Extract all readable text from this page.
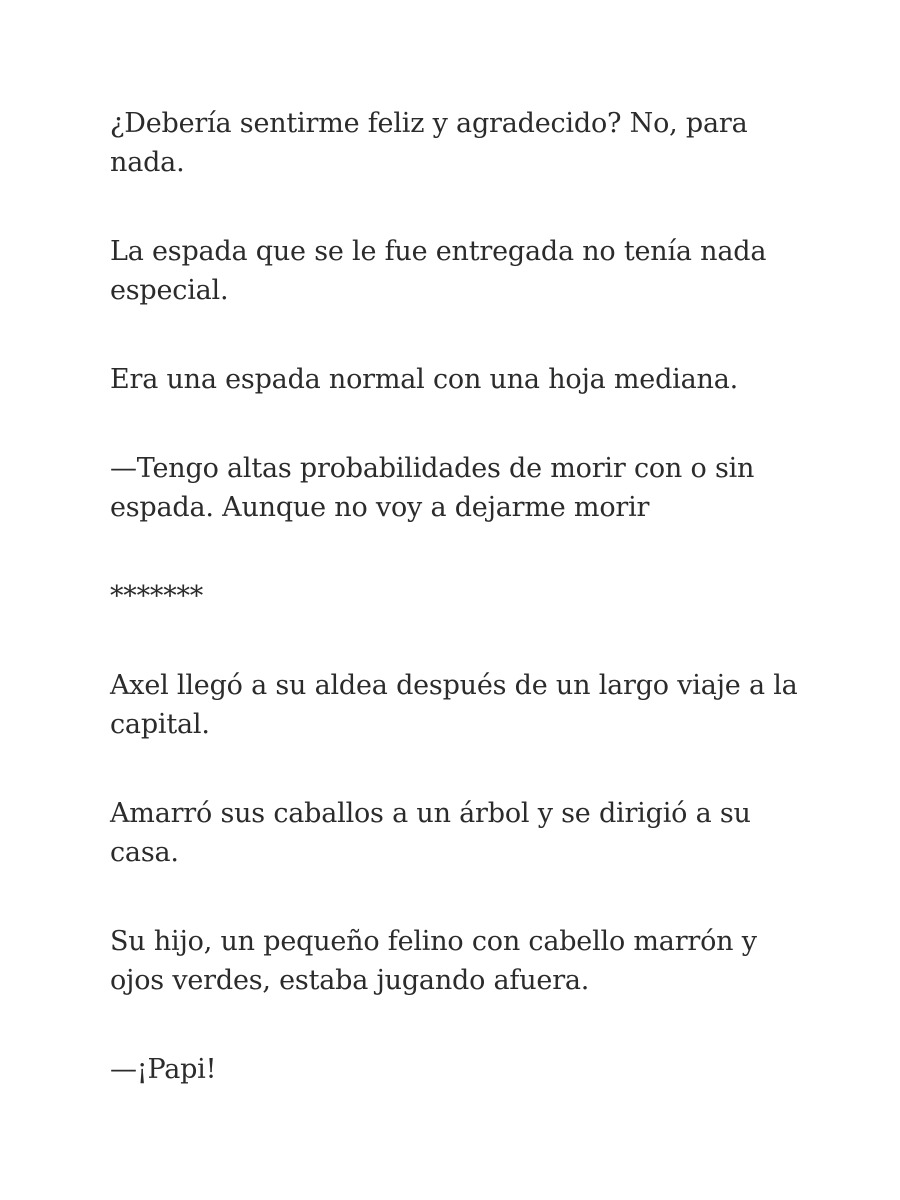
¿Debería sentirme feliz y agradecido? No, para nada.

La espada que se le fue entregada no tenía nada especial.

Era una espada normal con una hoja mediana.

—Tengo altas probabilidades de morir con o sin espada. Aunque no voy a dejarme morir

*******

Axel llegó a su aldea después de un largo viaje a la capital.

Amarró sus caballos a un árbol y se dirigió a su casa.

Su hijo, un pequeño felino con cabello marrón y ojos verdes, estaba jugando afuera.

—¡Papi!
